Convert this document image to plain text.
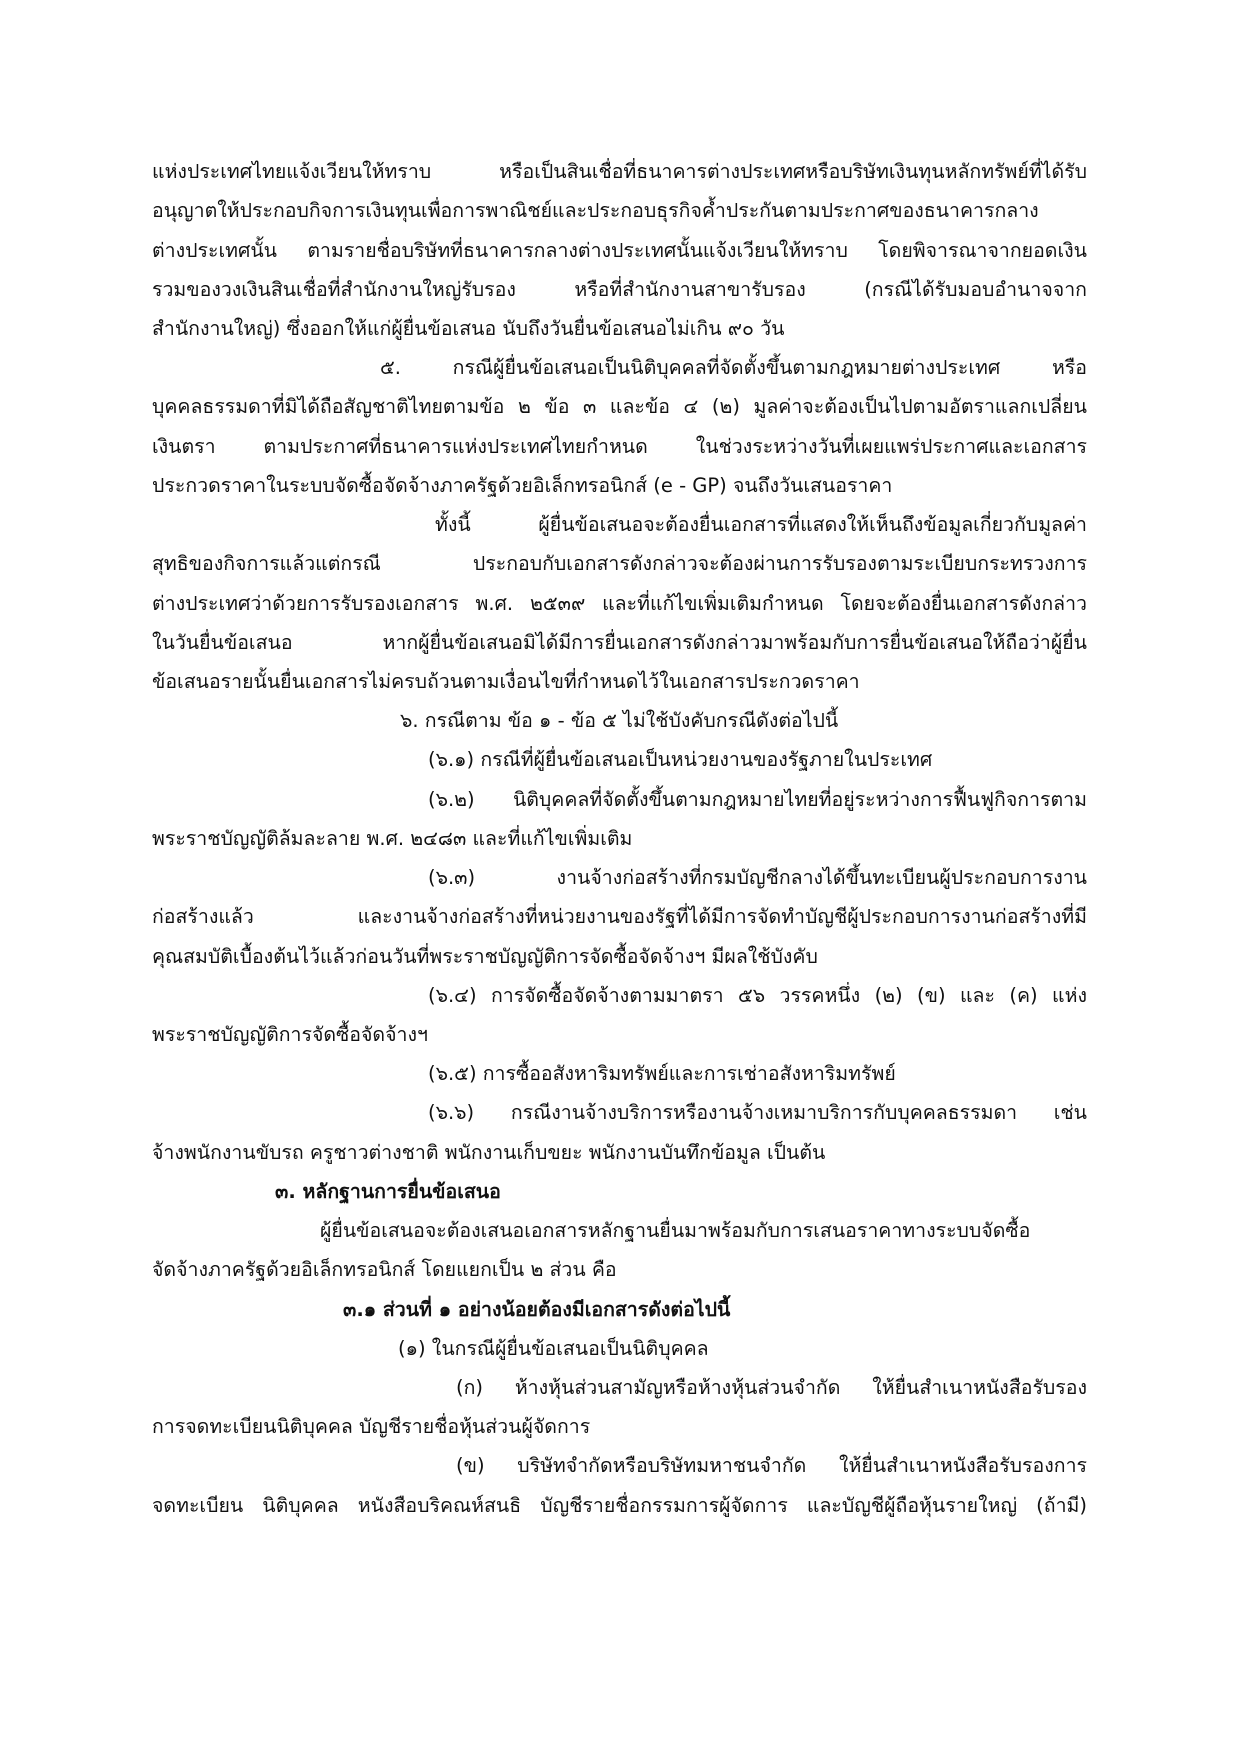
แห่งประเทศไทยแจ้งเวียนให้ทราบ หรือเป็นสินเชื่อที่ธนาคารต่างประเทศหรือบริษัทเงินทุนหลักทรัพย์ที่ได้รับ
อนุญาตให้ประกอบกิจการเงินทุนเพื่อการพาณิชย์และประกอบธุรกิจค้ำประกันตามประกาศของธนาคารกลาง
ต่างประเทศนั้น ตามรายชื่อบริษัทที่ธนาคารกลางต่างประเทศนั้นแจ้งเวียนให้ทราบ โดยพิจารณาจากยอดเงิน
รวมของวงเงินสินเชื่อที่สำนักงานใหญ่รับรอง หรือที่สำนักงานสาขารับรอง (กรณีได้รับมอบอำนาจจาก
สำนักงานใหญ่) ซึ่งออกให้แก่ผู้ยื่นข้อเสนอ นับถึงวันยื่นข้อเสนอไม่เกิน ๙๐ วัน
๕. กรณีผู้ยื่นข้อเสนอเป็นนิติบุคคลที่จัดตั้งขึ้นตามกฎหมายต่างประเทศ หรือ
บุคคลธรรมดาที่มิได้ถือสัญชาติไทยตามข้อ ๒ ข้อ ๓ และข้อ ๔ (๒) มูลค่าจะต้องเป็นไปตามอัตราแลกเปลี่ยน
เงินตรา ตามประกาศที่ธนาคารแห่งประเทศไทยกำหนด ในช่วงระหว่างวันที่เผยแพร่ประกาศและเอกสาร
ประกวดราคาในระบบจัดซื้อจัดจ้างภาครัฐด้วยอิเล็กทรอนิกส์ (e - GP) จนถึงวันเสนอราคา
ทั้งนี้ ผู้ยื่นข้อเสนอจะต้องยื่นเอกสารที่แสดงให้เห็นถึงข้อมูลเกี่ยวกับมูลค่า
สุทธิของกิจการแล้วแต่กรณี ประกอบกับเอกสารดังกล่าวจะต้องผ่านการรับรองตามระเบียบกระทรวงการ
ต่างประเทศว่าด้วยการรับรองเอกสาร พ.ศ. ๒๕๓๙ และที่แก้ไขเพิ่มเติมกำหนด โดยจะต้องยื่นเอกสารดังกล่าว
ในวันยื่นข้อเสนอ หากผู้ยื่นข้อเสนอมิได้มีการยื่นเอกสารดังกล่าวมาพร้อมกับการยื่นข้อเสนอให้ถือว่าผู้ยื่น
ข้อเสนอรายนั้นยื่นเอกสารไม่ครบถ้วนตามเงื่อนไขที่กำหนดไว้ในเอกสารประกวดราคา
๖. กรณีตาม ข้อ ๑ - ข้อ ๕ ไม่ใช้บังคับกรณีดังต่อไปนี้
(๖.๑) กรณีที่ผู้ยื่นข้อเสนอเป็นหน่วยงานของรัฐภายในประเทศ
(๖.๒) นิติบุคคลที่จัดตั้งขึ้นตามกฎหมายไทยที่อยู่ระหว่างการฟื้นฟูกิจการตาม
พระราชบัญญัติล้มละลาย พ.ศ. ๒๔๘๓ และที่แก้ไขเพิ่มเติม
(๖.๓) งานจ้างก่อสร้างที่กรมบัญชีกลางได้ขึ้นทะเบียนผู้ประกอบการงาน
ก่อสร้างแล้ว และงานจ้างก่อสร้างที่หน่วยงานของรัฐที่ได้มีการจัดทำบัญชีผู้ประกอบการงานก่อสร้างที่มี
คุณสมบัติเบื้องต้นไว้แล้วก่อนวันที่พระราชบัญญัติการจัดซื้อจัดจ้างฯ มีผลใช้บังคับ
(๖.๔) การจัดซื้อจัดจ้างตามมาตรา ๕๖ วรรคหนึ่ง (๒) (ข) และ (ค) แห่ง
พระราชบัญญัติการจัดซื้อจัดจ้างฯ
(๖.๕) การซื้ออสังหาริมทรัพย์และการเช่าอสังหาริมทรัพย์
(๖.๖) กรณีงานจ้างบริการหรืองานจ้างเหมาบริการกับบุคคลธรรมดา เช่น
จ้างพนักงานขับรถ ครูชาวต่างชาติ พนักงานเก็บขยะ พนักงานบันทึกข้อมูล เป็นต้น
๓. หลักฐานการยื่นข้อเสนอ
ผู้ยื่นข้อเสนอจะต้องเสนอเอกสารหลักฐานยื่นมาพร้อมกับการเสนอราคาทางระบบจัดซื้อ
จัดจ้างภาครัฐด้วยอิเล็กทรอนิกส์ โดยแยกเป็น ๒ ส่วน คือ
๓.๑ ส่วนที่ ๑ อย่างน้อยต้องมีเอกสารดังต่อไปนี้
(๑) ในกรณีผู้ยื่นข้อเสนอเป็นนิติบุคคล
(ก) ห้างหุ้นส่วนสามัญหรือห้างหุ้นส่วนจำกัด ให้ยื่นสำเนาหนังสือรับรอง
การจดทะเบียนนิติบุคคล บัญชีรายชื่อหุ้นส่วนผู้จัดการ
(ข) บริษัทจำกัดหรือบริษัทมหาชนจำกัด ให้ยื่นสำเนาหนังสือรับรองการ
จดทะเบียน นิติบุคคล หนังสือบริคณห์สนธิ บัญชีรายชื่อกรรมการผู้จัดการ และบัญชีผู้ถือหุ้นรายใหญ่ (ถ้ามี)
